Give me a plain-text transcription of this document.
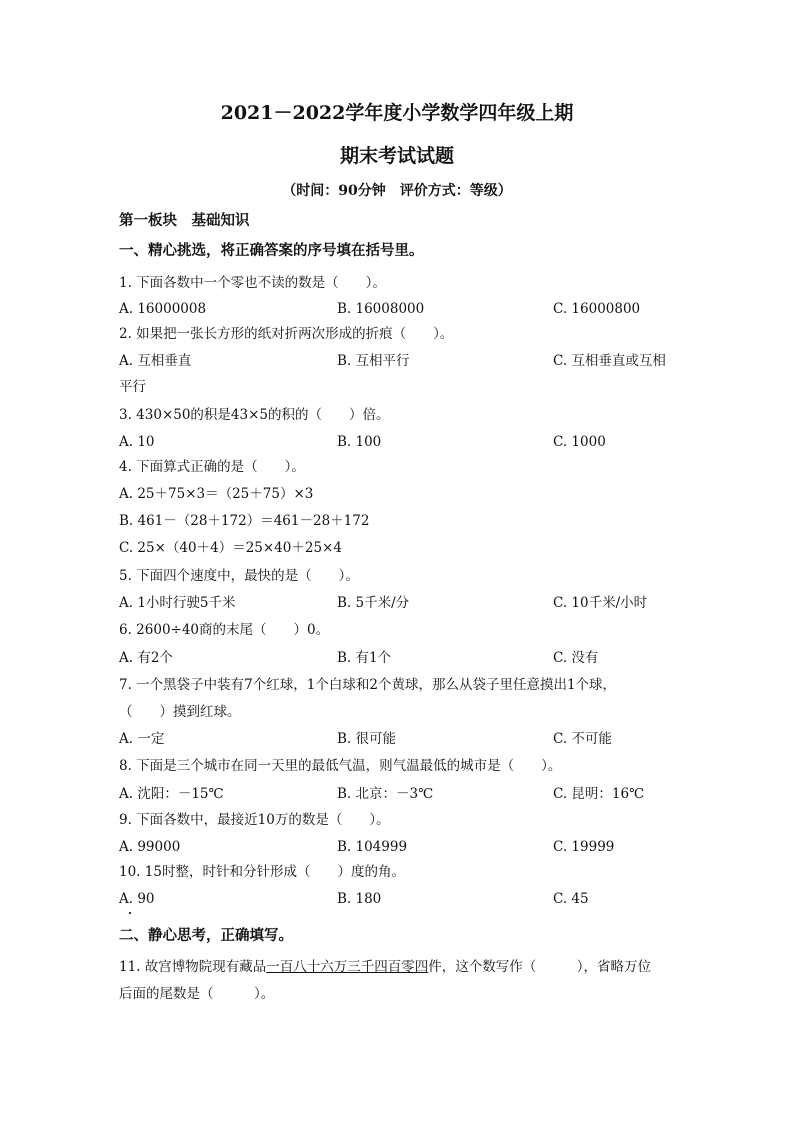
2021－2022学年度小学数学四年级上期
期末考试试题
（时间：90分钟　评价方式：等级）
第一板块　基础知识
一、精心挑选，将正确答案的序号填在括号里。
1. 下面各数中一个零也不读的数是（　　）。
A. 16000008	B. 16008000	C. 16000800
2. 如果把一张长方形的纸对折两次形成的折痕（　　）。
A. 互相垂直	B. 互相平行	C. 互相垂直或互相
平行
3. 430×50的积是43×5的积的（　　）倍。
A. 10	B. 100	C. 1000
4. 下面算式正确的是（　　）。
A. 25＋75×3＝（25＋75）×3
B. 461－（28＋172）＝461－28＋172
C. 25×（40＋4）＝25×40＋25×4
5. 下面四个速度中，最快的是（　　）。
A. 1小时行驶5千米	B. 5千米/分	C. 10千米/小时
6. 2600÷40商的末尾（　　）0。
A. 有2个	B. 有1个	C. 没有
7. 一个黑袋子中装有7个红球，1个白球和2个黄球，那么从袋子里任意摸出1个球，
（　　）摸到红球。
A. 一定	B. 很可能	C. 不可能
8. 下面是三个城市在同一天里的最低气温，则气温最低的城市是（　　）。
A. 沈阳：－15℃	B. 北京：－3℃	C. 昆明：16℃
9. 下面各数中，最接近10万的数是（　　）。
A. 99000	B. 104999	C. 19999
10. 15时整，时针和分针形成（　　）度的角。
A. 90	B. 180	C. 45
二、静心思考，正确填写。
11. 故宫博物院现有藏品一百八十六万三千四百零四件，这个数写作（　　　），省略万位
后面的尾数是（　　　）。
